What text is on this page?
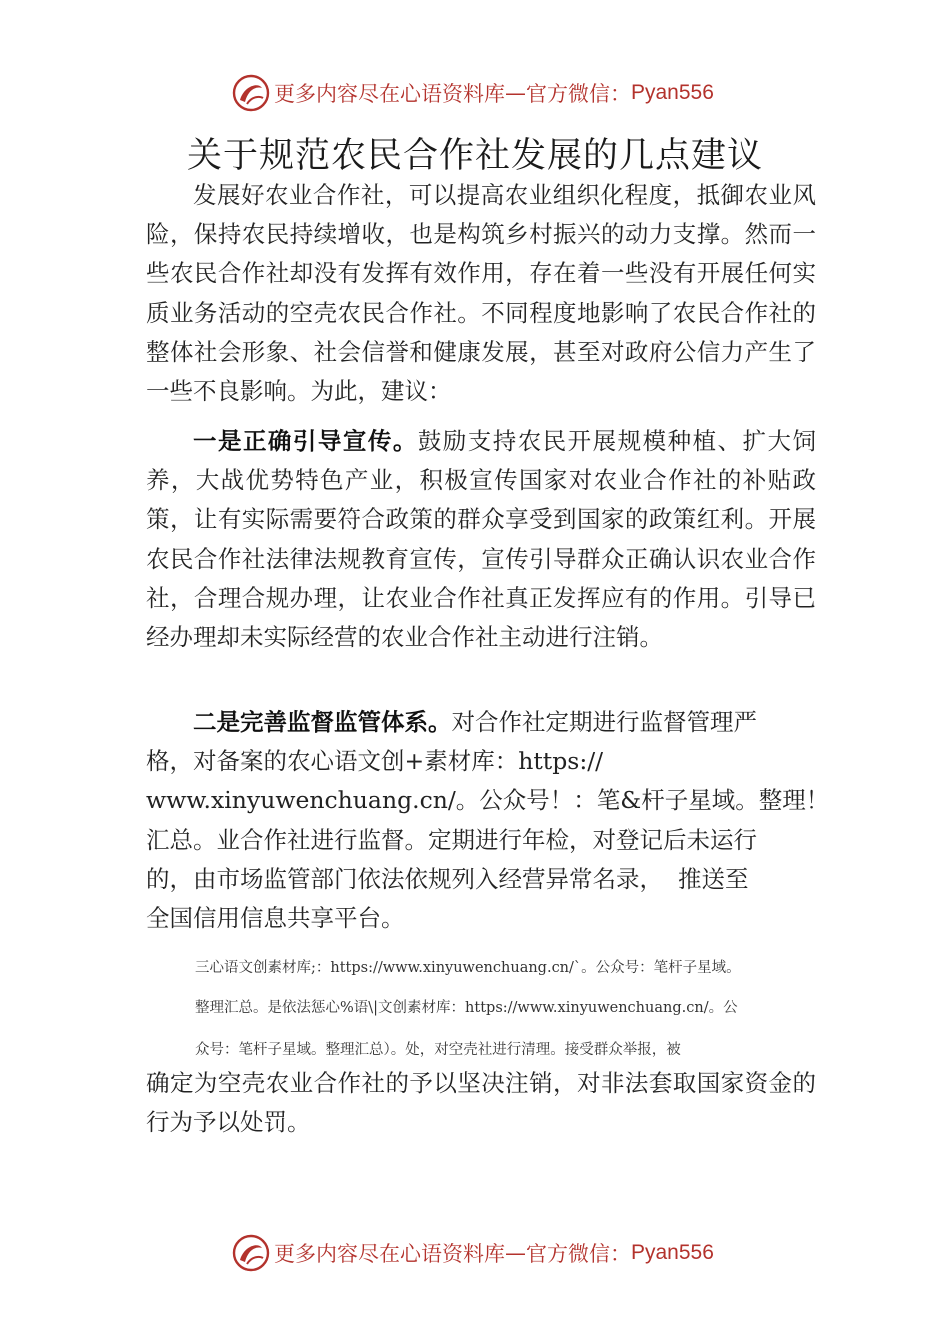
更多内容尽在心语资料库 — 官方微信： Pyan556
关于规范农民合作社发展的几点建议
发展好农业合作社，可以提高农业组织化程度，抵御农业风险，保持农民持续增收，也是构筑乡村振兴的动力支撑。然而一些农民合作社却没有发挥有效作用，存在着一些没有开展任何实质业务活动的空壳农民合作社。不同程度地影响了农民合作社的整体社会形象、社会信誉和健康发展，甚至对政府公信力产生了一些不良影响。为此，建议：
一是正确引导宣传。鼓励支持农民开展规模种植、扩大饲养，大战优势特色产业，积极宣传国家对农业合作社的补贴政策，让有实际需要符合政策的群众享受到国家的政策红利。开展农民合作社法律法规教育宣传，宣传引导群众正确认识农业合作社，合理合规办理，让农业合作社真正发挥应有的作用。引导已经办理却未实际经营的农业合作社主动进行注销。
二是完善监督监管体系。对合作社定期进行监督管理严
格，对备案的农心语文创+素材库：https://
www.xinyuwenchuang.cn/。公众号！：笔&杆子星域。整理！
汇总。业合作社进行监督。定期进行年检，对登记后未运行
的，由市场监管部门依法依规列入经营异常名录，  推送至
全国信用信息共享平台。
三心语文创素材库;：https://www.xinyuwenchuang.cn/`。公众号：笔杆子星域。
整理汇总。是依法惩心%语\|文创素材库：https://www.xinyuwenchuang.cn/。公
众号：笔杆子星域。整理汇总）。处，对空壳社进行清理。接受群众举报，被
确定为空壳农业合作社的予以坚决注销，对非法套取国家资金的行为予以处罚。
更多内容尽在心语资料库 — 官方微信： Pyan556
